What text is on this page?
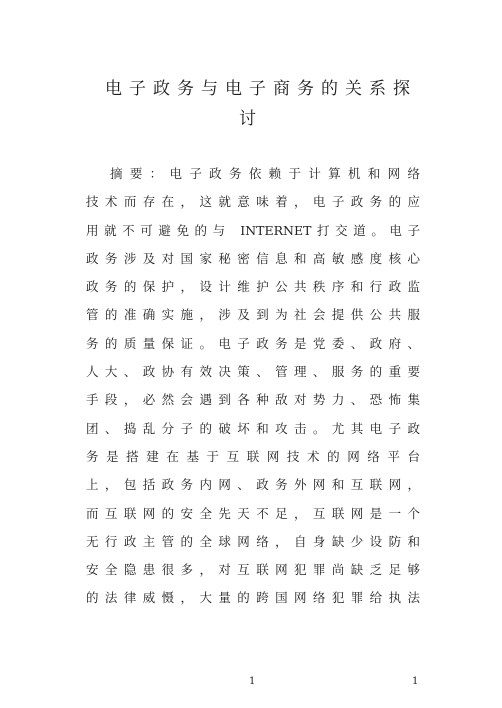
电子政务与电子商务的关系探
讨
摘要：电子政务依赖于计算机和网络
技术而存在，这就意味着，电子政务的应
用就不可避免的与 INTERNET打交道。电子
政务涉及对国家秘密信息和高敏感度核心
政务的保护，设计维护公共秩序和行政监
管的准确实施，涉及到为社会提供公共服
务的质量保证。电子政务是党委、政府、
人大、政协有效决策、管理、服务的重要
手段，必然会遇到各种敌对势力、恐怖集
团、捣乱分子的破坏和攻击。尤其电子政
务是搭建在基于互联网技术的网络平台
上，包括政务内网、政务外网和互联网，
而互联网的安全先天不足，互联网是一个
无行政主管的全球网络，自身缺少设防和
安全隐患很多，对互联网犯罪尚缺乏足够
的法律威慑，大量的跨国网络犯罪给执法
1	1
